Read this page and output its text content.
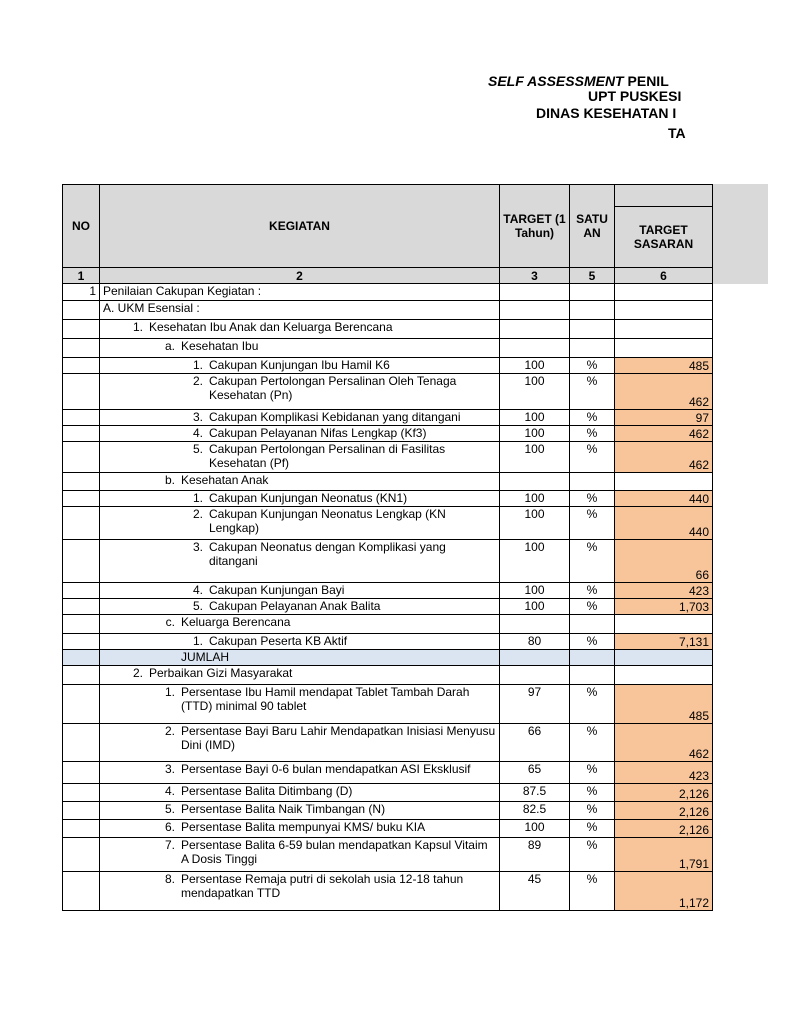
SELF ASSESSMENT PENIL
UPT PUSKESI
DINAS KESEHATAN I
TA
NO	KEGIATAN	TARGET (1 Tahun)	SATU AN	
				TARGET SASARAN
1	2	3	5	6
1	Penilaian Cakupan Kegiatan :			

	A. UKM Esensial :			

	1. Kesehatan Ibu Anak dan Keluarga Berencana			

	a. Kesehatan Ibu			

	1. Cakupan Kunjungan Ibu Hamil K6	100	%	485

	2. Cakupan Pertolongan Persalinan Oleh Tenaga Kesehatan (Pn)	100	%	462

	3. Cakupan Komplikasi Kebidanan yang ditangani	100	%	97

	4. Cakupan Pelayanan Nifas Lengkap (Kf3)	100	%	462

	5. Cakupan Pertolongan Persalinan di Fasilitas Kesehatan (Pf)	100	%	462

	b. Kesehatan Anak			

	1. Cakupan Kunjungan Neonatus (KN1)	100	%	440

	2. Cakupan Kunjungan Neonatus Lengkap (KN Lengkap)	100	%	440

	3. Cakupan Neonatus dengan Komplikasi yang ditangani	100	%	66

	4. Cakupan Kunjungan Bayi	100	%	423

	5. Cakupan Pelayanan Anak Balita	100	%	1,703

	c. Keluarga Berencana			

	1. Cakupan Peserta KB Aktif	80	%	7,131

	JUMLAH			

	2. Perbaikan Gizi Masyarakat			

	1. Persentase Ibu Hamil mendapat Tablet Tambah Darah (TTD) minimal 90 tablet	97	%	485

	2. Persentase Bayi Baru Lahir Mendapatkan Inisiasi Menyusu Dini (IMD)	66	%	462

	3. Persentase Bayi 0-6 bulan mendapatkan ASI Eksklusif	65	%	423

	4. Persentase Balita Ditimbang (D)	87.5	%	2,126

	5. Persentase Balita Naik Timbangan (N)	82.5	%	2,126

	6. Persentase Balita mempunyai KMS/ buku KIA	100	%	2,126

	7. Persentase Balita 6-59 bulan mendapatkan Kapsul Vitaim A Dosis Tinggi	89	%	1,791

	8. Persentase Remaja putri di sekolah usia 12-18 tahun mendapatkan TTD	45	%	1,172
